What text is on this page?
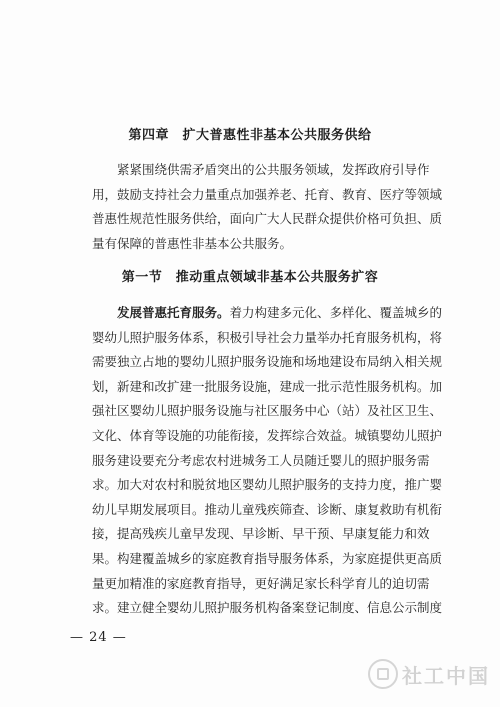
第四章　扩大普惠性非基本公共服务供给
紧紧围绕供需矛盾突出的公共服务领域，发挥政府引导作
用，鼓励支持社会力量重点加强养老、托育、教育、医疗等领域
普惠性规范性服务供给，面向广大人民群众提供价格可负担、质
量有保障的普惠性非基本公共服务。
第一节　推动重点领域非基本公共服务扩容
发展普惠托育服务。着力构建多元化、多样化、覆盖城乡的
婴幼儿照护服务体系，积极引导社会力量举办托育服务机构，将
需要独立占地的婴幼儿照护服务设施和场地建设布局纳入相关规
划，新建和改扩建一批服务设施，建成一批示范性服务机构。加
强社区婴幼儿照护服务设施与社区服务中心（站）及社区卫生、
文化、体育等设施的功能衔接，发挥综合效益。城镇婴幼儿照护
服务建设要充分考虑农村进城务工人员随迁婴儿的照护服务需
求。加大对农村和脱贫地区婴幼儿照护服务的支持力度，推广婴
幼儿早期发展项目。推动儿童残疾筛查、诊断、康复救助有机衔
接，提高残疾儿童早发现、早诊断、早干预、早康复能力和效
果。构建覆盖城乡的家庭教育指导服务体系，为家庭提供更高质
量更加精准的家庭教育指导，更好满足家长科学育儿的迫切需
求。建立健全婴幼儿照护服务机构备案登记制度、信息公示制度
— 24 —
社工中国
